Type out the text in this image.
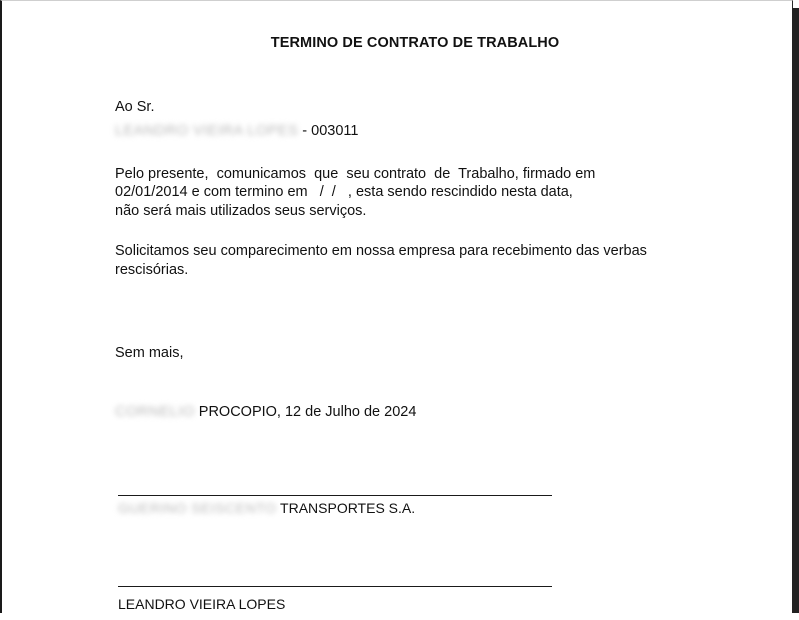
TERMINO DE CONTRATO DE TRABALHO
Ao Sr.
LEANDRO VIEIRA LOPES - 003011
Pelo presente,  comunicamos  que  seu contrato  de  Trabalho, firmado em
02/01/2014 e com termino em   /  /   , esta sendo rescindido nesta data,
não será mais utilizados seus serviços.
Solicitamos seu comparecimento em nossa empresa para recebimento das verbas
rescisórias.
Sem mais,
CORNELIO PROCOPIO, 12 de Julho de 2024
GUERINO SEISCENTO TRANSPORTES S.A.
LEANDRO VIEIRA LOPES
